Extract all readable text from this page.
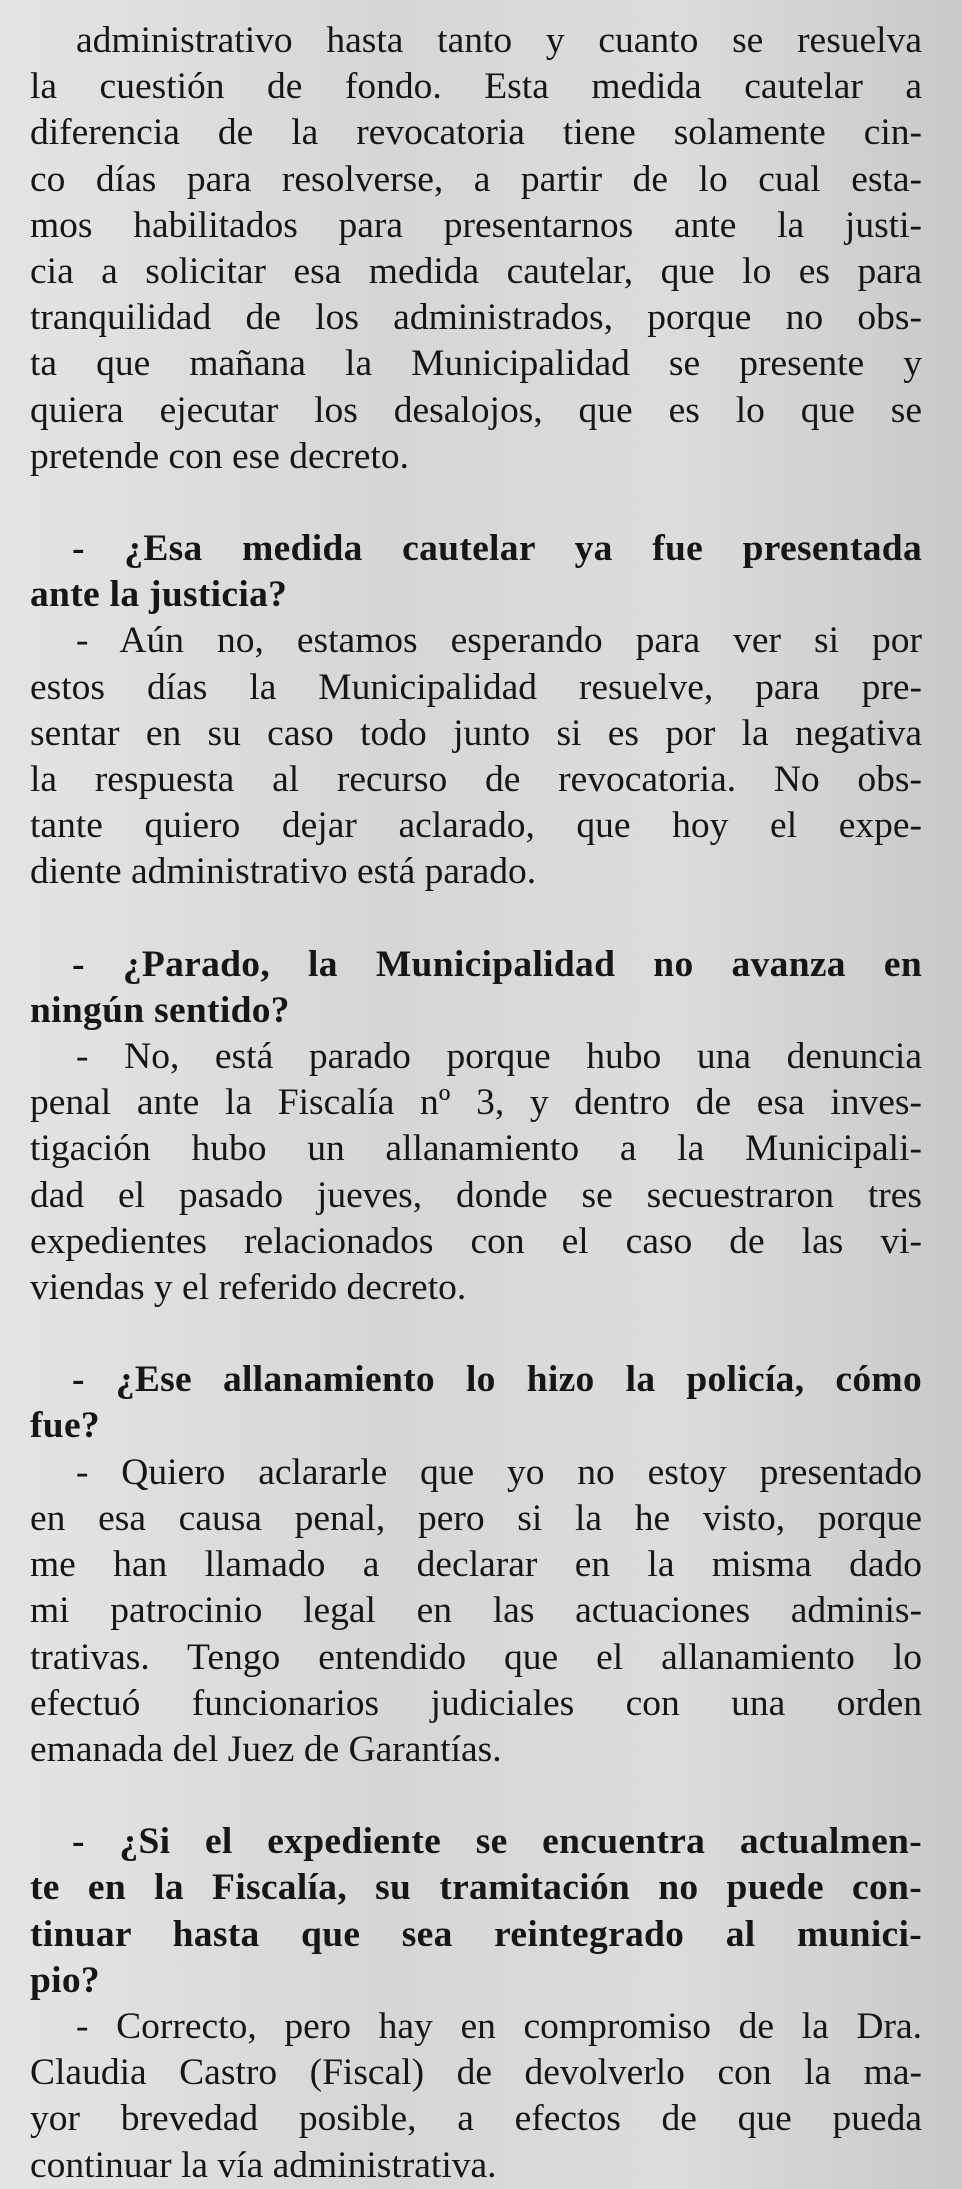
administrativo hasta tanto y cuanto se resuelva
la cuestión de fondo. Esta medida cautelar a
diferencia de la revocatoria tiene solamente cin-
co días para resolverse, a partir de lo cual esta-
mos habilitados para presentarnos ante la justi-
cia a solicitar esa medida cautelar, que lo es para
tranquilidad de los administrados, porque no obs-
ta que mañana la Municipalidad se presente y
quiera ejecutar los desalojos, que es lo que se
pretende con ese decreto.
- ¿Esa medida cautelar ya fue presentada
ante la justicia?
- Aún no, estamos esperando para ver si por
estos días la Municipalidad resuelve, para pre-
sentar en su caso todo junto si es por la negativa
la respuesta al recurso de revocatoria. No obs-
tante quiero dejar aclarado, que hoy el expe-
diente administrativo está parado.
- ¿Parado, la Municipalidad no avanza en
ningún sentido?
- No, está parado porque hubo una denuncia
penal ante la Fiscalía nº 3, y dentro de esa inves-
tigación hubo un allanamiento a la Municipali-
dad el pasado jueves, donde se secuestraron tres
expedientes relacionados con el caso de las vi-
viendas y el referido decreto.
- ¿Ese allanamiento lo hizo la policía, cómo
fue?
- Quiero aclararle que yo no estoy presentado
en esa causa penal, pero si la he visto, porque
me han llamado a declarar en la misma dado
mi patrocinio legal en las actuaciones adminis-
trativas. Tengo entendido que el allanamiento lo
efectuó funcionarios judiciales con una orden
emanada del Juez de Garantías.
- ¿Si el expediente se encuentra actualmen-
te en la Fiscalía, su tramitación no puede con-
tinuar hasta que sea reintegrado al munici-
pio?
- Correcto, pero hay en compromiso de la Dra.
Claudia Castro (Fiscal) de devolverlo con la ma-
yor brevedad posible, a efectos de que pueda
continuar la vía administrativa.
